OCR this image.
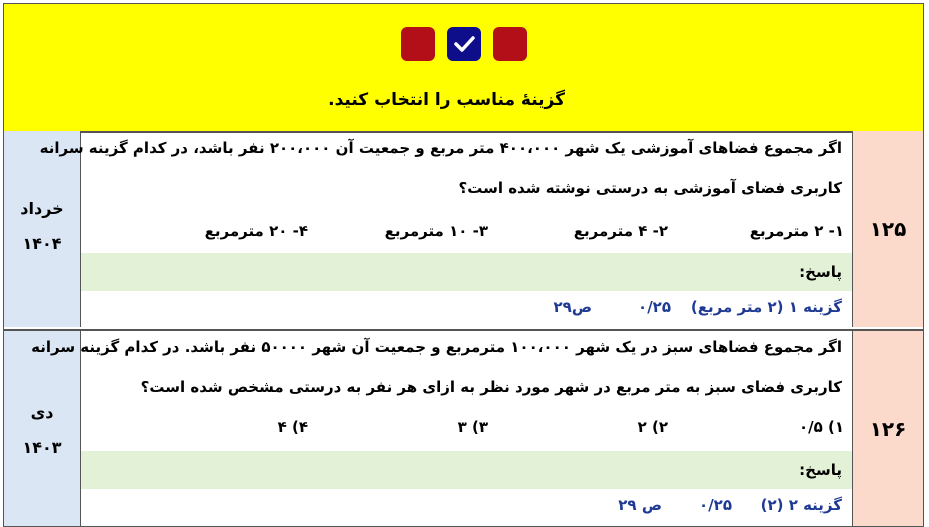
گزینهٔ مناسب را انتخاب کنید.
۱۲۵
خرداد
۱۴۰۴
اگر مجموع فضاهای آموزشی یک شهر ۴۰۰،۰۰۰ متر مربع و جمعیت آن ۲۰۰،۰۰۰ نفر باشد، در کدام گزینه سرانه
کاربری فضای آموزشی به درستی نوشته شده است؟
۱- ۲ مترمربع
۲- ۴ مترمربع
۳- ۱۰ مترمربع
۴- ۲۰ مترمربع
پاسخ:
گزینه ۱ (۲ متر مربع)
۰/۲۵
ص۲۹
۱۲۶
دی
۱۴۰۳
اگر مجموع فضاهای سبز در یک شهر ۱۰۰،۰۰۰ مترمربع و جمعیت آن شهر ۵۰۰۰۰ نفر باشد. در کدام گزینه سرانه
کاربری فضای سبز به متر مربع در شهر مورد نظر به ازای هر نفر به درستی مشخص شده است؟
۱) ۰/۵
۲) ۲
۳) ۳
۴) ۴
پاسخ:
گزینه ۲ (۲)
۰/۲۵
ص ۲۹
